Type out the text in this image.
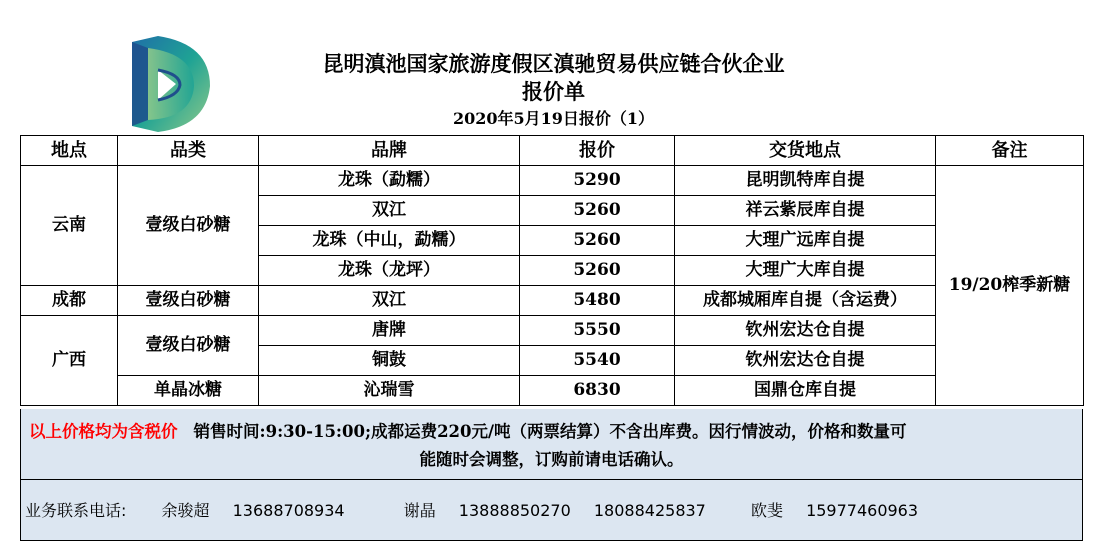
昆明滇池国家旅游度假区滇驰贸易供应链合伙企业
报价单
2020年5月19日报价（1）
地点	品类	品牌	报价	交货地点	备注
云南	壹级白砂糖	龙珠（勐糯）	5290	昆明凯特库自提	19/20榨季新糖
		双江	5260	祥云紫辰库自提	
		龙珠（中山，勐糯）	5260	大理广远库自提	
		龙珠（龙坪）	5260	大理广大库自提	
成都	壹级白砂糖	双江	5480	成都城厢库自提（含运费）	
广西	壹级白砂糖	唐牌	5550	钦州宏达仓自提	
		铜鼓	5540	钦州宏达仓自提	
	单晶冰糖	沁瑞雪	6830	国鼎仓库自提	
以上价格均为含税价 销售时间:9:30-15:00;成都运费220元/吨（两票结算）不含出库费。因行情波动，价格和数量可
能随时会调整，订购前请电话确认。
业务联系电话: 余骏超 13688708934	谢晶 13888850270 18088425837	欧斐 15977460963
